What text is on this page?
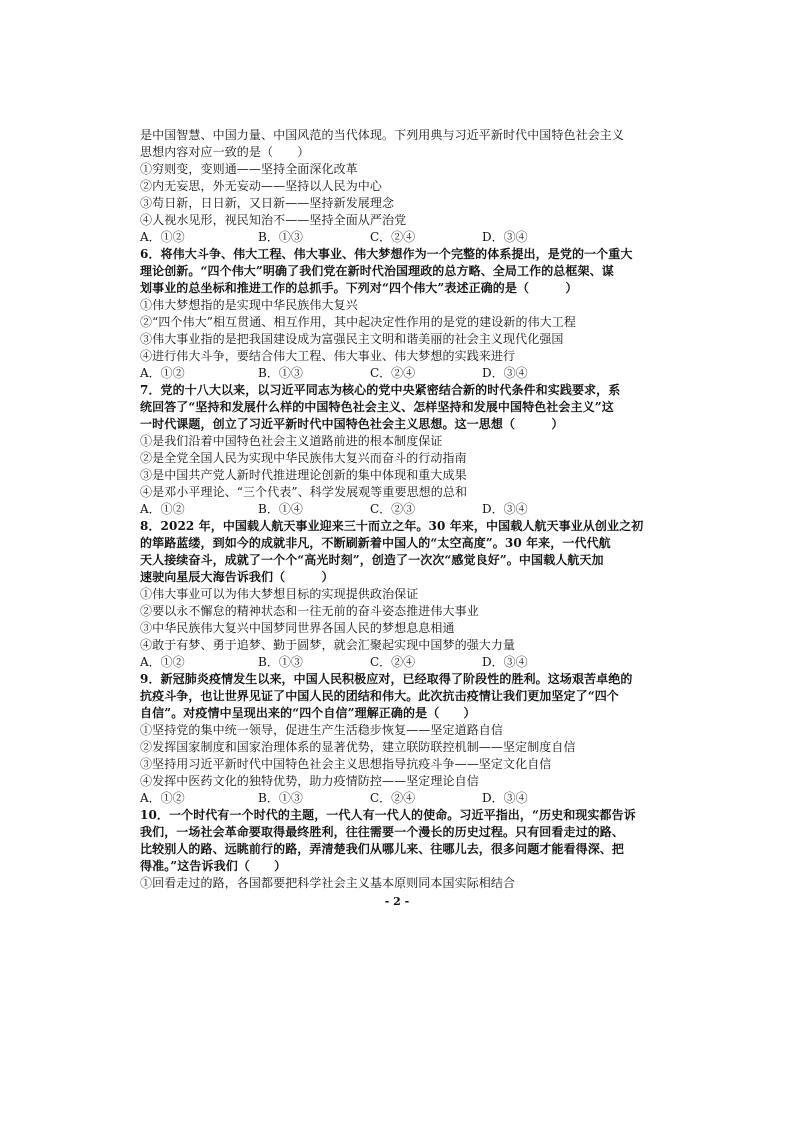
是中国智慧、中国力量、中国风范的当代体现。下列用典与习近平新时代中国特色社会主义
思想内容对应一致的是（　　）
①穷则变，变则通——坚持全面深化改革
②内无妄思，外无妄动——坚持以人民为中心
③苟日新，日日新，又日新——坚持新发展理念
④人视水见形，视民知治不——坚持全面从严治党
A．①②	B．①③	C．②④	D．③④
6．将伟大斗争、伟大工程、伟大事业、伟大梦想作为一个完整的体系提出，是党的一个重大
理论创新。“四个伟大”明确了我们党在新时代治国理政的总方略、全局工作的总框架、谋
划事业的总坐标和推进工作的总抓手。下列对“四个伟大”表述正确的是（　　　）
①伟大梦想指的是实现中华民族伟大复兴
②“四个伟大”相互贯通、相互作用，其中起决定性作用的是党的建设新的伟大工程
③伟大事业指的是把我国建设成为富强民主文明和谐美丽的社会主义现代化强国
④进行伟大斗争，要结合伟大工程、伟大事业、伟大梦想的实践来进行
A．①②	B．①③	C．②④	D．③④
7．党的十八大以来，以习近平同志为核心的党中央紧密结合新的时代条件和实践要求，系
统回答了“坚持和发展什么样的中国特色社会主义、怎样坚持和发展中国特色社会主义”这
一时代课题，创立了习近平新时代中国特色社会主义思想。这一思想（　　　）
①是我们沿着中国特色社会主义道路前进的根本制度保证
②是全党全国人民为实现中华民族伟大复兴而奋斗的行动指南
③是中国共产党人新时代推进理论创新的集中体现和重大成果
④是邓小平理论、“三个代表”、科学发展观等重要思想的总和
A．①②	B．①④	C．②③	D．③④
8．2022 年，中国载人航天事业迎来三十而立之年。30 年来，中国载人航天事业从创业之初
的筚路蓝缕，到如今的成就非凡，不断刷新着中国人的“太空高度”。30 年来，一代代航
天人接续奋斗，成就了一个个“高光时刻”，创造了一次次“感觉良好”。中国载人航天加
速驶向星辰大海告诉我们（　　　）
①伟大事业可以为伟大梦想目标的实现提供政治保证
②要以永不懈怠的精神状态和一往无前的奋斗姿态推进伟大事业
③中华民族伟大复兴中国梦同世界各国人民的梦想息息相通
④敢于有梦、勇于追梦、勤于圆梦，就会汇聚起实现中国梦的强大力量
A．①②	B．①③	C．②④	D．③④
9．新冠肺炎疫情发生以来，中国人民积极应对，已经取得了阶段性的胜利。这场艰苦卓绝的
抗疫斗争，也让世界见证了中国人民的团结和伟大。此次抗击疫情让我们更加坚定了“四个
自信”。对疫情中呈现出来的“四个自信”理解正确的是（　　）
①坚持党的集中统一领导，促进生产生活稳步恢复——坚定道路自信
②发挥国家制度和国家治理体系的显著优势，建立联防联控机制——坚定制度自信
③坚持用习近平新时代中国特色社会主义思想指导抗疫斗争——坚定文化自信
④发挥中医药文化的独特优势，助力疫情防控——坚定理论自信
A．①②	B．①③	C．②④	D．③④
10．一个时代有一个时代的主题，一代人有一代人的使命。习近平指出，“历史和现实都告诉
我们，一场社会革命要取得最终胜利，往往需要一个漫长的历史过程。只有回看走过的路、
比较别人的路、远眺前行的路，弄清楚我们从哪儿来、往哪儿去，很多问题才能看得深、把
得准。”这告诉我们（　　）
①回看走过的路，各国都要把科学社会主义基本原则同本国实际相结合
- 2 -
